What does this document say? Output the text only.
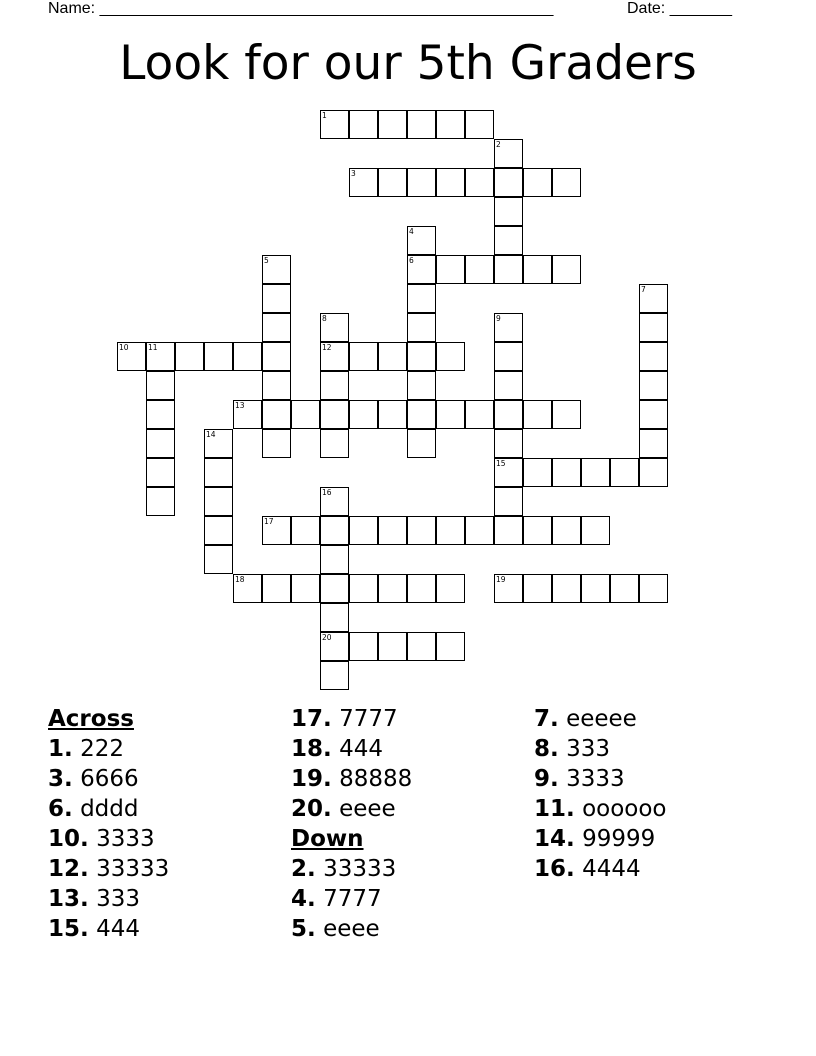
Name: ___________________________________________________	Date: _______
Look for our 5th Graders
1
3
6
10	11	12
13
15
17
18	19
20
2
4
5
7
8	9
14
16
Across
1. 222
3. 6666
6. dddd
10. 3333
12. 33333
13. 333
15. 444
17. 7777
18. 444
19. 88888
20. eeee
Down
2. 33333
4. 7777
5. eeee
7. eeeee
8. 333
9. 3333
11. oooooo
14. 99999
16. 4444
